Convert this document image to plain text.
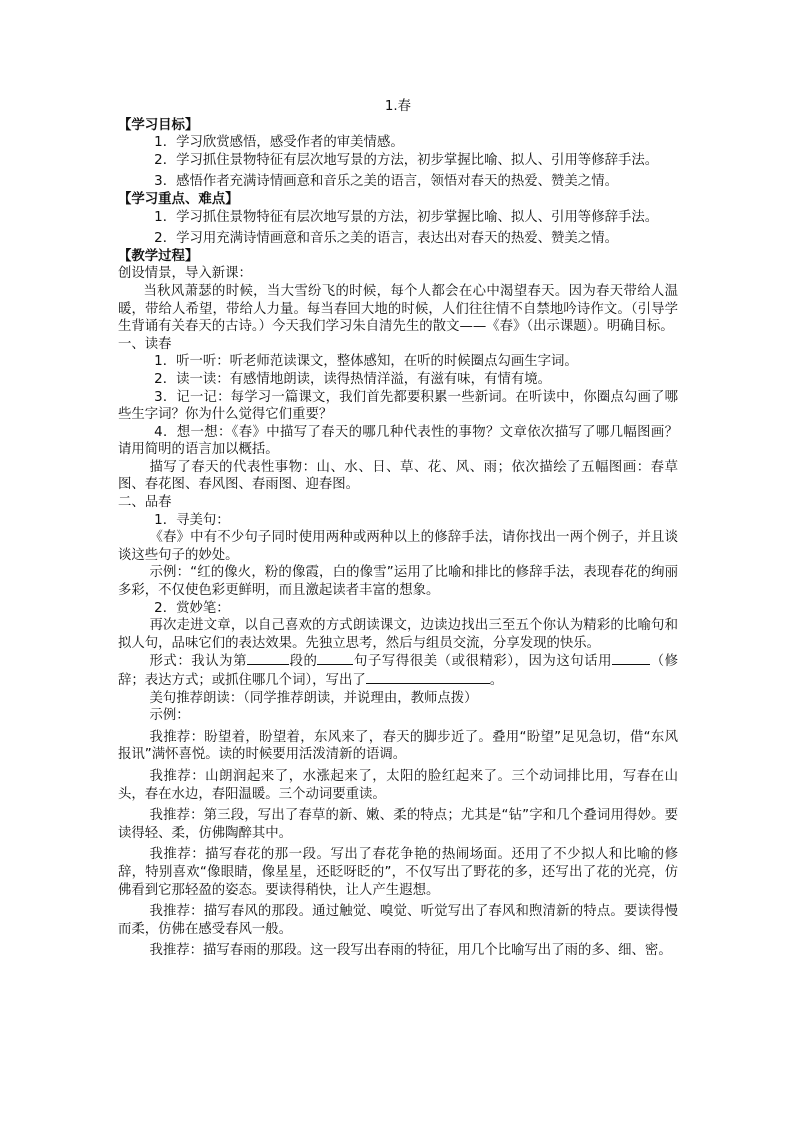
1.春

【学习目标】

1．学习欣赏感悟，感受作者的审美情感。

2．学习抓住景物特征有层次地写景的方法，初步掌握比喻、拟人、引用等修辞手法。

3．感悟作者充满诗情画意和音乐之美的语言，领悟对春天的热爱、赞美之情。

【学习重点、难点】

1．学习抓住景物特征有层次地写景的方法，初步掌握比喻、拟人、引用等修辞手法。

2．学习用充满诗情画意和音乐之美的语言，表达出对春天的热爱、赞美之情。

【教学过程】

创设情景，导入新课：

当秋风萧瑟的时候，当大雪纷飞的时候，每个人都会在心中渴望春天。因为春天带给人温暖，带给人希望，带给人力量。每当春回大地的时候，人们往往情不自禁地吟诗作文。（引导学生背诵有关春天的古诗。）今天我们学习朱自清先生的散文——《春》（出示课题）。明确目标。

一、读春

1．听一听：听老师范读课文，整体感知，在听的时候圈点勾画生字词。

2．读一读：有感情地朗读，读得热情洋溢，有滋有味，有情有境。

3．记一记：每学习一篇课文，我们首先都要积累一些新词。在听读中，你圈点勾画了哪些生字词？你为什么觉得它们重要？

4．想一想：《春》中描写了春天的哪几种代表性的事物？文章依次描写了哪几幅图画？请用简明的语言加以概括。

描写了春天的代表性事物：山、水、日、草、花、风、雨；依次描绘了五幅图画：春草图、春花图、春风图、春雨图、迎春图。

二、品春

1．寻美句：

《春》中有不少句子同时使用两种或两种以上的修辞手法，请你找出一两个例子，并且谈谈这些句子的妙处。

示例：“红的像火，粉的像霞，白的像雪”运用了比喻和排比的修辞手法，表现春花的绚丽多彩，不仅使色彩更鲜明，而且激起读者丰富的想象。

2．赏妙笔：

再次走进文章，以自己喜欢的方式朗读课文，边读边找出三至五个你认为精彩的比喻句和拟人句，品味它们的表达效果。先独立思考，然后与组员交流，分享发现的快乐。

形式：我认为第	段的	句子写得很美（或很精彩），因为这句话用	（修辞；表达方式；或抓住哪几个词），写出了	。

美句推荐朗读：（同学推荐朗读，并说理由，教师点拨）

示例：

我推荐：盼望着，盼望着，东风来了，春天的脚步近了。叠用“盼望”足见急切，借“东风报讯”满怀喜悦。读的时候要用活泼清新的语调。

我推荐：山朗润起来了，水涨起来了，太阳的脸红起来了。三个动词排比用，写春在山头，春在水边，春阳温暖。三个动词要重读。

我推荐：第三段，写出了春草的新、嫩、柔的特点；尤其是“钻”字和几个叠词用得妙。要读得轻、柔，仿佛陶醉其中。

我推荐：描写春花的那一段。写出了春花争艳的热闹场面。还用了不少拟人和比喻的修辞，特别喜欢“像眼睛，像星星，还眨呀眨的”，不仅写出了野花的多，还写出了花的光亮，仿佛看到它那轻盈的姿态。要读得稍快，让人产生遐想。

我推荐：描写春风的那段。通过触觉、嗅觉、听觉写出了春风和煦清新的特点。要读得慢而柔，仿佛在感受春风一般。

我推荐：描写春雨的那段。这一段写出春雨的特征，用几个比喻写出了雨的多、细、密。
